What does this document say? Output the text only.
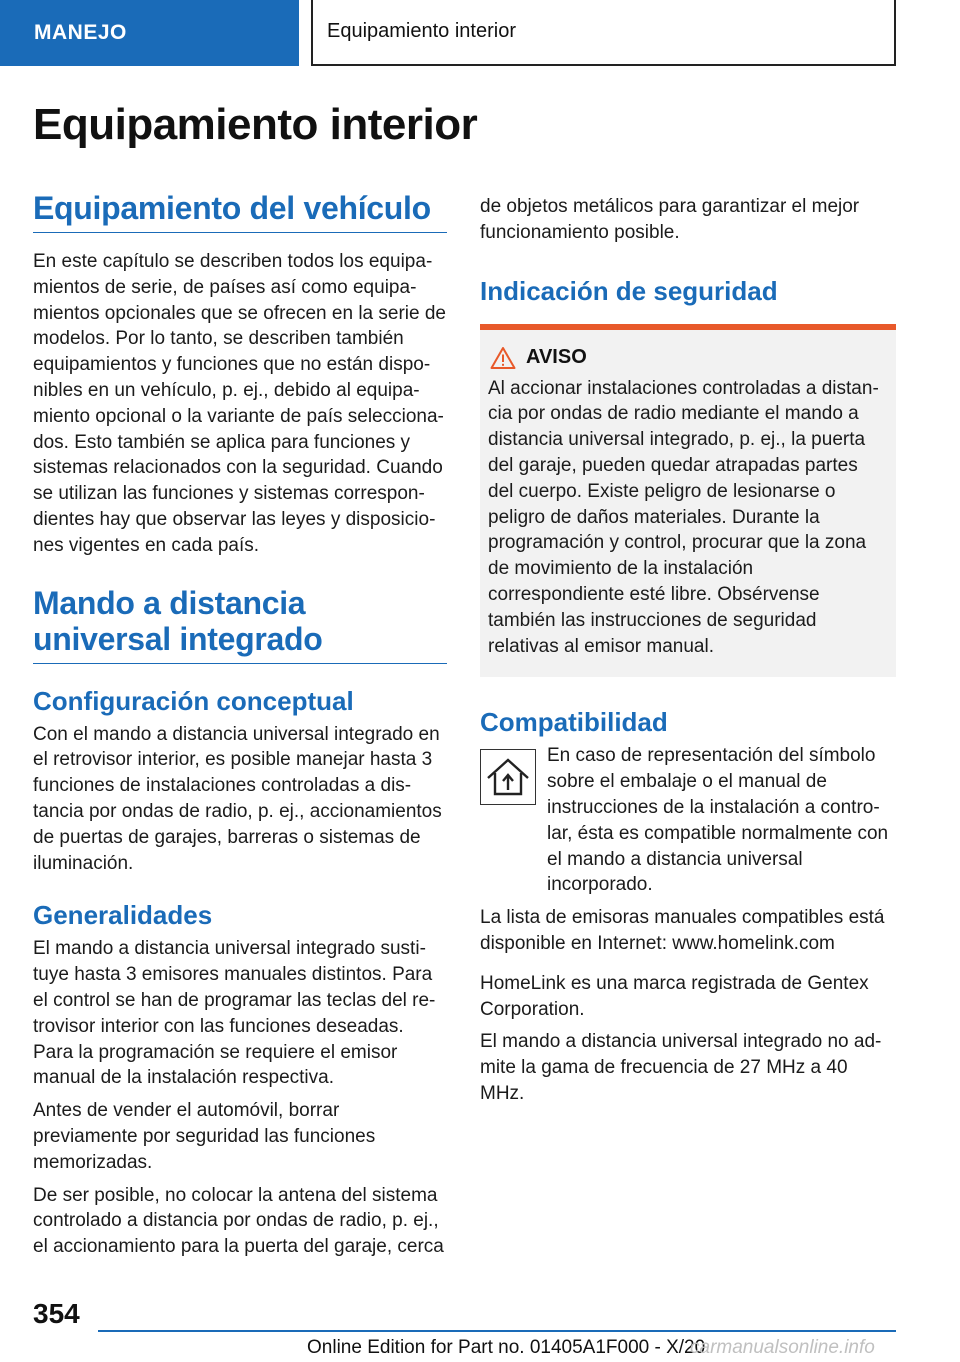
MANEJO	Equipamiento interior
Equipamiento interior
Equipamiento del vehículo

En este capítulo se describen todos los equipamientos de serie, de países así como equipamientos opcionales que se ofrecen en la serie de modelos. Por lo tanto, se describen también equipamientos y funciones que no están disponibles en un vehículo, p. ej., debido al equipamiento opcional o la variante de país seleccionados. Esto también se aplica para funciones y sistemas relacionados con la seguridad. Cuando se utilizan las funciones y sistemas correspondientes hay que observar las leyes y disposiciones vigentes en cada país.

Mando a distancia universal integrado
Configuración conceptual

Con el mando a distancia universal integrado en el retrovisor interior, es posible manejar hasta 3 funciones de instalaciones controladas a distancia por ondas de radio, p. ej., accionamientos de puertas de garajes, barreras o sistemas de iluminación.

Generalidades

El mando a distancia universal integrado sustituye hasta 3 emisores manuales distintos. Para el control se han de programar las teclas del retrovisor interior con las funciones deseadas. Para la programación se requiere el emisor manual de la instalación respectiva.

Antes de vender el automóvil, borrar previamente por seguridad las funciones memorizadas.

De ser posible, no colocar la antena del sistema controlado a distancia por ondas de radio, p. ej., el accionamiento para la puerta del garaje, cerca

de objetos metálicos para garantizar el mejor funcionamiento posible.

Indicación de seguridad
AVISO

Al accionar instalaciones controladas a distancia por ondas de radio mediante el mando a distancia universal integrado, p. ej., la puerta del garaje, pueden quedar atrapadas partes del cuerpo. Existe peligro de lesionarse o peligro de daños materiales. Durante la programación y control, procurar que la zona de movimiento de la instalación correspondiente esté libre. Obsérvense también las instrucciones de seguridad relativas al emisor manual.

Compatibilidad

En caso de representación del símbolo sobre el embalaje o el manual de instrucciones de la instalación a controlar, ésta es compatible normalmente con el mando a distancia universal incorporado.

La lista de emisoras manuales compatibles está disponible en Internet: www.homelink.com

HomeLink es una marca registrada de Gentex Corporation.

El mando a distancia universal integrado no admite la gama de frecuencia de 27 MHz a 40 MHz.

354
Online Edition for Part no. 01405A1F000 - X/20
carmanualsonline.info
